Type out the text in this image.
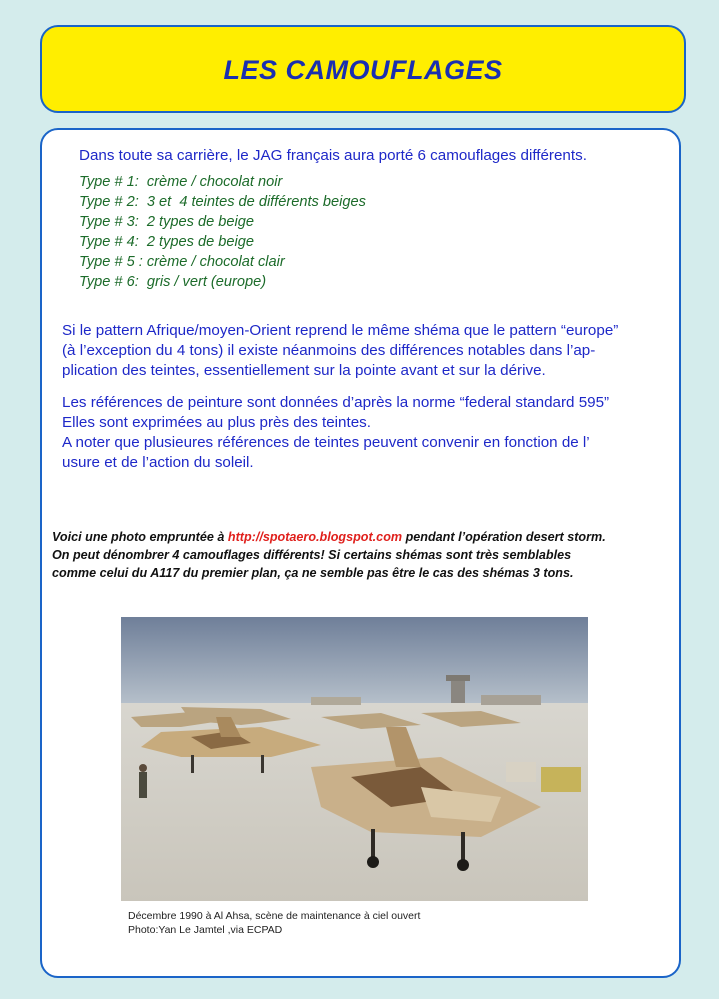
LES CAMOUFLAGES

Dans toute sa carrière, le JAG français aura porté 6 camouflages différents.

Type # 1:  crème / chocolat noir
Type # 2:  3 et  4 teintes de différents beiges
Type # 3:  2 types de beige
Type # 4:  2 types de beige
Type # 5 : crème / chocolat clair
Type # 6:  gris / vert (europe)
Si le pattern Afrique/moyen-Orient reprend le même shéma que le pattern “europe”
(à l’exception du 4 tons) il existe néanmoins des différences notables dans l’ap-
plication des teintes, essentiellement sur la pointe avant et sur la dérive.
Les références de peinture sont données d’après la norme “federal standard 595”
Elles sont exprimées au plus près des teintes.
A noter que plusieures références de teintes peuvent convenir en fonction de l’
usure et de l’action du soleil.
Voici une photo empruntée à http://spotaero.blogspot.com pendant l’opération desert storm.
On peut dénombrer 4 camouflages différents! Si certains shémas sont très semblables
comme celui du A117 du premier plan, ça ne semble pas être le cas des shémas 3 tons.
Décembre 1990 à Al Ahsa, scène de maintenance à ciel ouvert
Photo:Yan Le Jamtel ,via ECPAD
